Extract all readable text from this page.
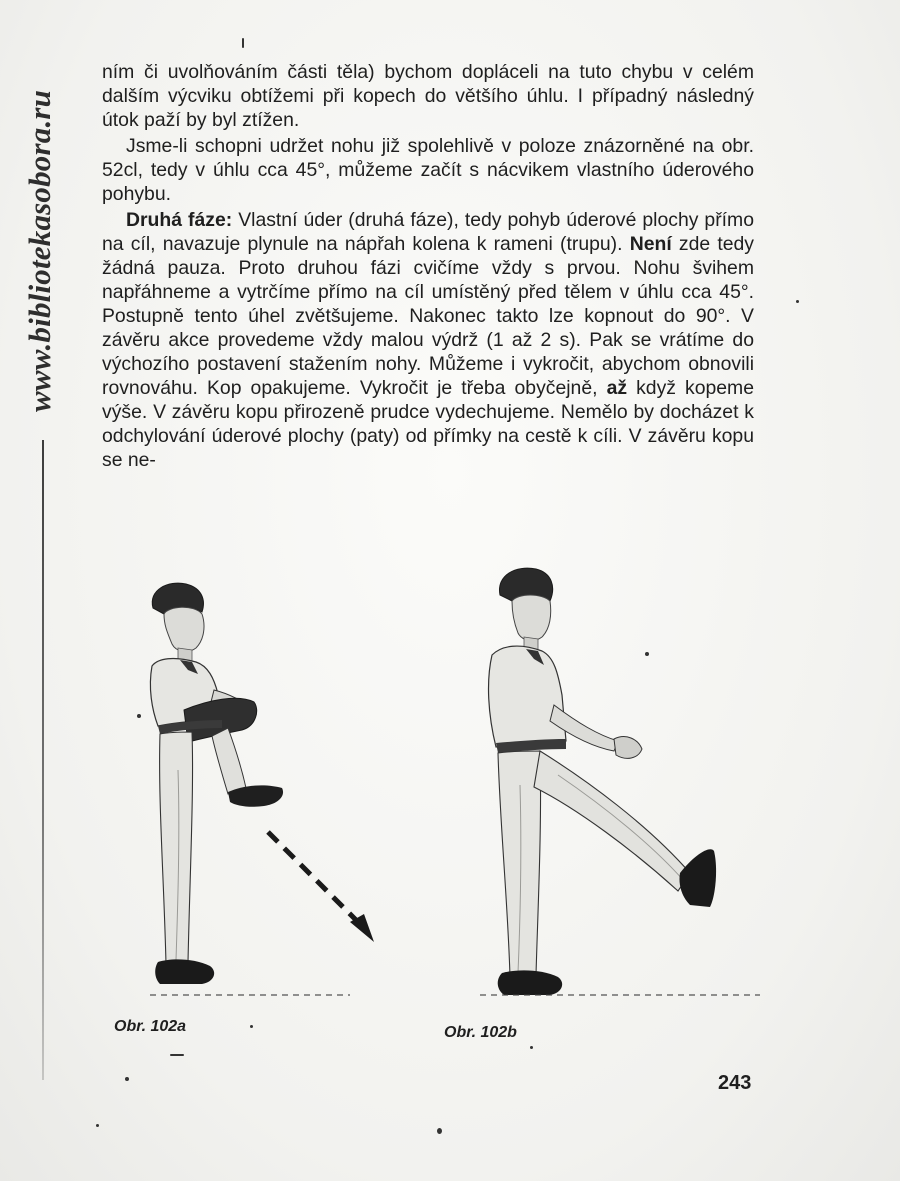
www.bibliotekasobora.ru

ním či uvolňováním části těla) bychom dopláceli na tuto chybu v celém dalším výcviku obtížemi při kopech do většího úhlu. I případný následný útok paží by byl ztížen.

Jsme-li schopni udržet nohu již spolehlivě v poloze znázorněné na obr. 52cl, tedy v úhlu cca 45°, můžeme začít s nácvikem vlastního úderového pohybu.

Druhá fáze: Vlastní úder (druhá fáze), tedy pohyb úderové plochy přímo na cíl, navazuje plynule na nápřah kolena k rameni (trupu). Není zde tedy žádná pauza. Proto druhou fázi cvičíme vždy s prvou. Nohu švihem napřáhneme a vytrčíme přímo na cíl umístěný před tělem v úhlu cca 45°. Postupně tento úhel zvětšujeme. Nakonec takto lze kopnout do 90°. V závěru akce provedeme vždy malou výdrž (1 až 2 s). Pak se vrátíme do výchozího postavení stažením nohy. Můžeme i vykročit, abychom obnovili rovnováhu. Kop opakujeme. Vykročit je třeba obyčejně, až když kopeme výše. V závěru kopu přirozeně prudce vydechujeme. Nemělo by docházet k odchylování úderové plochy (paty) od přímky na cestě k cíli. V závěru kopu se ne-

Obr. 102a	Obr. 102b
243
